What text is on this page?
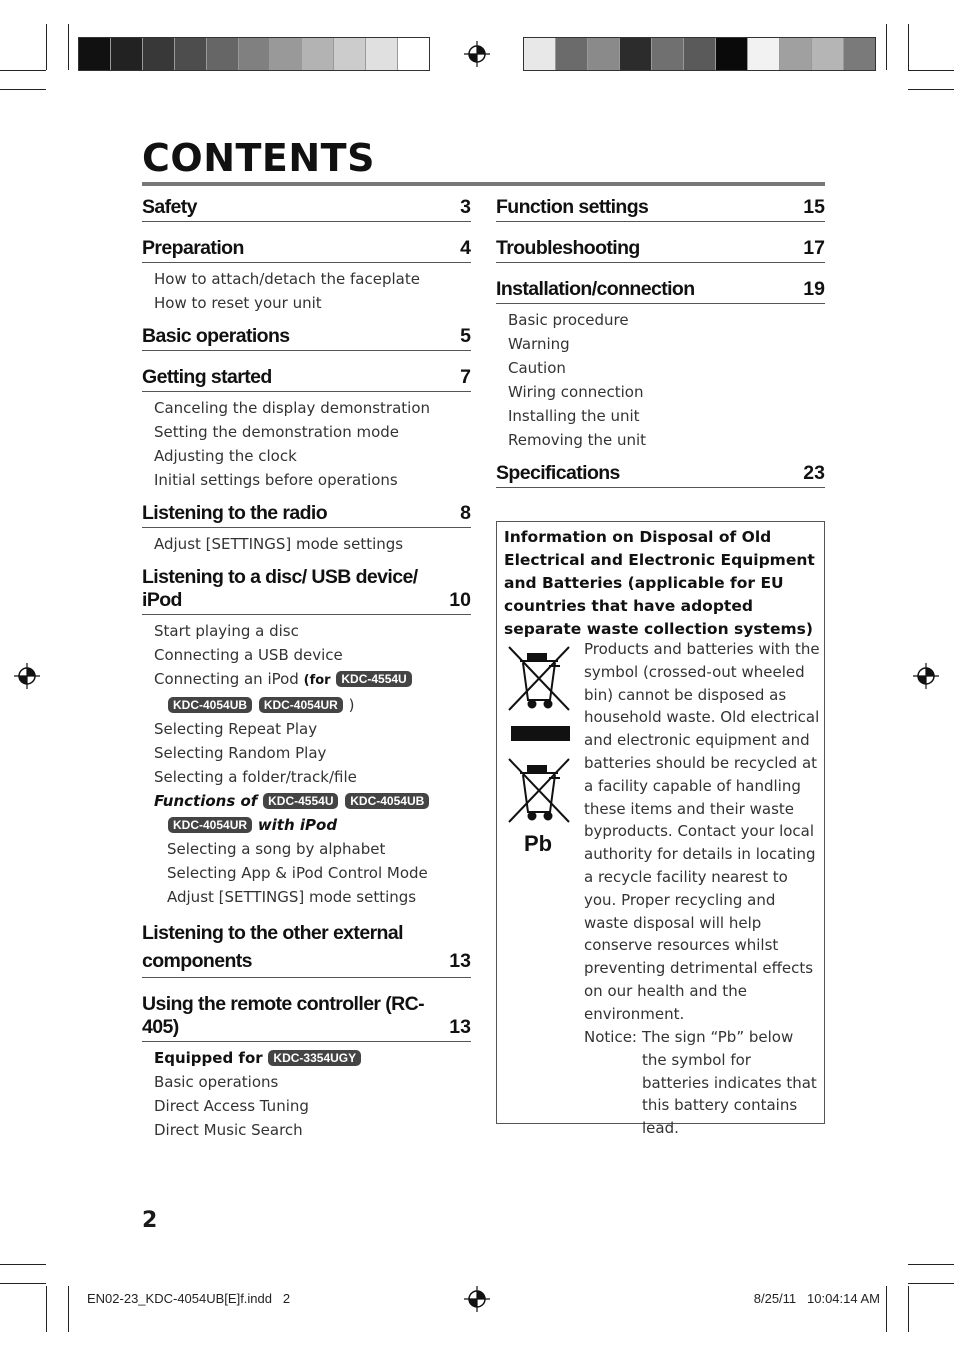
CONTENTS
Safety	3
Preparation	4
How to attach/detach the faceplate
How to reset your unit
Basic operations	5
Getting started	7
Canceling the display demonstration
Setting the demonstration mode
Adjusting the clock
Initial settings before operations
Listening to the radio	8
Adjust [SETTINGS] mode settings
Listening to a disc/ USB device/ iPod	10
Start playing a disc
Connecting a USB device
Connecting an iPod (for KDC-4554U
KDC-4054UB KDC-4054UR )
Selecting Repeat Play
Selecting Random Play
Selecting a folder/track/file
Functions of KDC-4554U KDC-4054UB
KDC-4054UR with iPod
Selecting a song by alphabet
Selecting App & iPod Control Mode
Adjust [SETTINGS] mode settings
Listening to the other external
components	13
Using the remote controller (RC-405)	13
Equipped for KDC-3354UGY
Basic operations
Direct Access Tuning
Direct Music Search
Function settings	15
Troubleshooting	17
Installation/connection	19
Basic procedure
Warning
Caution
Wiring connection
Installing the unit
Removing the unit
Specifications	23
Information on Disposal of Old Electrical and Electronic Equipment and Batteries (applicable for EU countries that have adopted separate waste collection systems)
Pb
Products and batteries with the symbol (crossed-out wheeled bin) cannot be disposed as household waste. Old electrical and electronic equipment and batteries should be recycled at a facility capable of handling these items and their waste byproducts. Contact your local authority for details in locating a recycle facility nearest to you. Proper recycling and waste disposal will help conserve resources whilst preventing detrimental effects on our health and the environment.
Notice: The sign “Pb” below the symbol for batteries indicates that this battery contains lead.
2
EN02-23_KDC-4054UB[E]f.indd   2	8/25/11   10:04:14 AM
